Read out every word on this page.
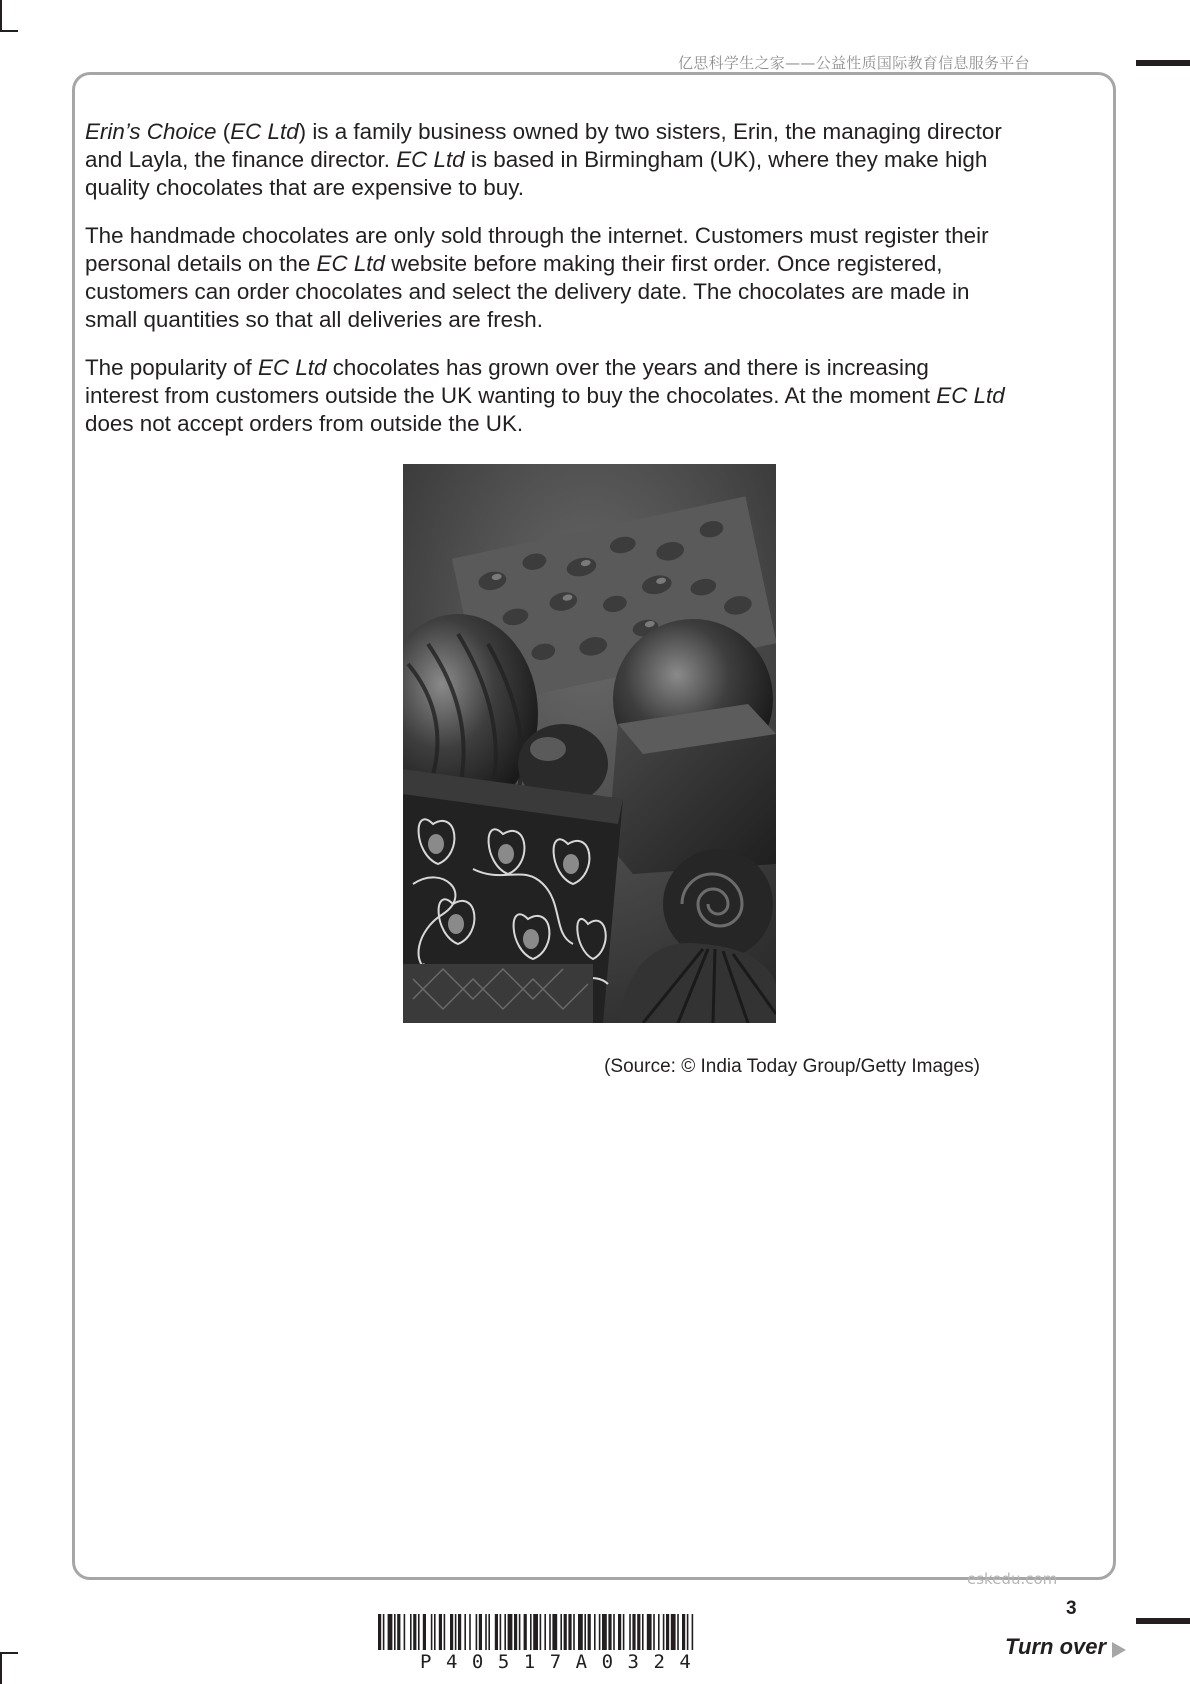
亿思科学生之家——公益性质国际教育信息服务平台

Erin’s Choice (EC Ltd) is a family business owned by two sisters, Erin, the managing director and Layla, the finance director. EC Ltd is based in Birmingham (UK), where they make high quality chocolates that are expensive to buy.

The handmade chocolates are only sold through the internet. Customers must register their personal details on the EC Ltd website before making their first order. Once registered, customers can order chocolates and select the delivery date. The chocolates are made in small quantities so that all deliveries are fresh.

The popularity of EC Ltd chocolates has grown over the years and there is increasing interest from customers outside the UK wanting to buy the chocolates. At the moment EC Ltd does not accept orders from outside the UK.

(Source: © India Today Group/Getty Images)
eskedu.com
3
Turn over
P40517A0324
